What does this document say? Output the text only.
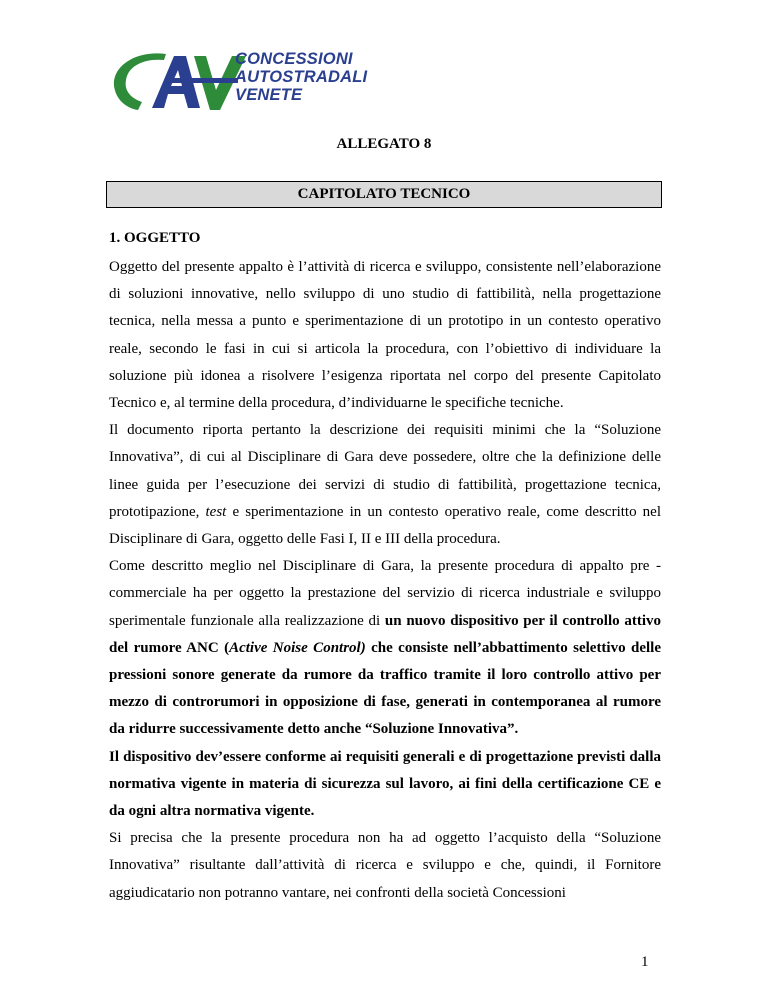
CONCESSIONI
AUTOSTRADALI
VENETE
ALLEGATO 8
CAPITOLATO TECNICO
1. OGGETTO

Oggetto del presente appalto è l’attività di ricerca e sviluppo, consistente nell’elaborazione di soluzioni innovative, nello sviluppo di uno studio di fattibilità, nella progettazione tecnica, nella messa a punto e sperimentazione di un prototipo in un contesto operativo reale, secondo le fasi in cui si articola la procedura, con l’obiettivo di individuare la soluzione più idonea a risolvere l’esigenza riportata nel corpo del presente Capitolato Tecnico e, al termine della procedura, d’individuarne le specifiche tecniche.

Il documento riporta pertanto la descrizione dei requisiti minimi che la “Soluzione Innovativa”, di cui al Disciplinare di Gara deve possedere, oltre che la definizione delle linee guida per l’esecuzione dei servizi di studio di fattibilità, progettazione tecnica, prototipazione, test e sperimentazione in un contesto operativo reale, come descritto nel Disciplinare di Gara, oggetto delle Fasi I, II e III della procedura.

Come descritto meglio nel Disciplinare di Gara, la presente procedura di appalto pre - commerciale ha per oggetto la prestazione del servizio di ricerca industriale e sviluppo sperimentale funzionale alla realizzazione di un nuovo dispositivo per il controllo attivo del rumore ANC (Active Noise Control) che consiste nell’abbattimento selettivo delle pressioni sonore generate da rumore da traffico tramite il loro controllo attivo per mezzo di controrumori in opposizione di fase, generati in contemporanea al rumore da ridurre successivamente detto anche “Soluzione Innovativa”.

Il dispositivo dev’essere conforme ai requisiti generali e di progettazione previsti dalla normativa vigente in materia di sicurezza sul lavoro, ai fini della certificazione CE e da ogni altra normativa vigente.

Si precisa che la presente procedura non ha ad oggetto l’acquisto della “Soluzione Innovativa” risultante dall’attività di ricerca e sviluppo e che, quindi, il Fornitore aggiudicatario non potranno vantare, nei confronti della società Concessioni

1
